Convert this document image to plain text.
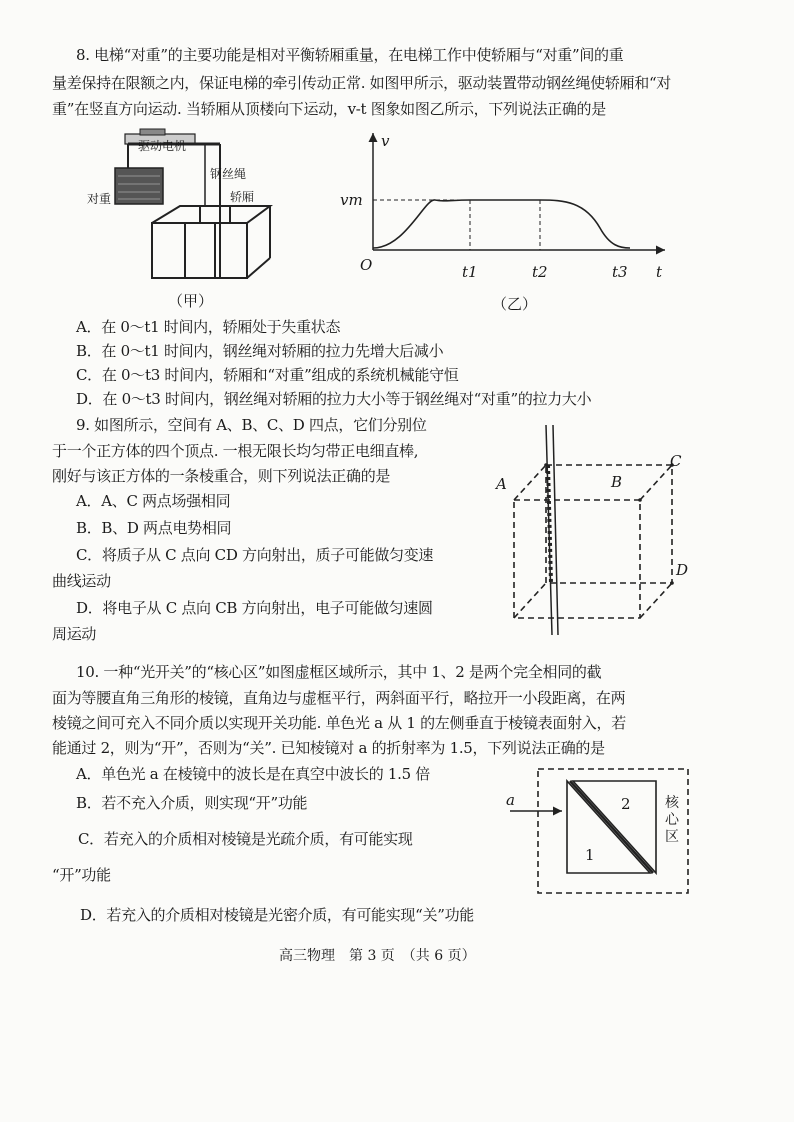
8. 电梯“对重”的主要功能是相对平衡轿厢重量，在电梯工作中使轿厢与“对重”间的重
量差保持在限额之内，保证电梯的牵引传动正常. 如图甲所示，驱动装置带动钢丝绳使轿厢和“对
重”在竖直方向运动. 当轿厢从顶楼向下运动，v-t 图象如图乙所示，下列说法正确的是
驱动电机
钢丝绳
对重	轿厢
（甲）
v
vm
O	t1	t2	t3 t
（乙）
A．在 0～t1 时间内，轿厢处于失重状态
B．在 0～t1 时间内，钢丝绳对轿厢的拉力先增大后减小
C．在 0～t3 时间内，轿厢和“对重”组成的系统机械能守恒
D．在 0～t3 时间内，钢丝绳对轿厢的拉力大小等于钢丝绳对“对重”的拉力大小
9. 如图所示，空间有 A、B、C、D 四点，它们分别位
于一个正方体的四个顶点. 一根无限长均匀带正电细直棒,
刚好与该正方体的一条棱重合，则下列说法正确的是
A．A、C 两点场强相同
B．B、D 两点电势相同
C．将质子从 C 点向 CD 方向射出，质子可能做匀变速
曲线运动
D．将电子从 C 点向 CB 方向射出，电子可能做匀速圆
周运动
A	B
C
D
10. 一种“光开关”的“核心区”如图虚框区域所示，其中 1、2 是两个完全相同的截
面为等腰直角三角形的棱镜，直角边与虚框平行，两斜面平行，略拉开一小段距离，在两
棱镜之间可充入不同介质以实现开关功能. 单色光 a 从 1 的左侧垂直于棱镜表面射入，若
能通过 2，则为“开”，否则为“关”. 已知棱镜对 a 的折射率为 1.5，下列说法正确的是
A．单色光 a 在棱镜中的波长是在真空中波长的 1.5 倍
B．若不充入介质，则实现“开”功能
C．若充入的介质相对棱镜是光疏介质，有可能实现
“开”功能
D．若充入的介质相对棱镜是光密介质，有可能实现“关”功能
a
1
2 核心区
高三物理　第 3 页　（共 6 页）
